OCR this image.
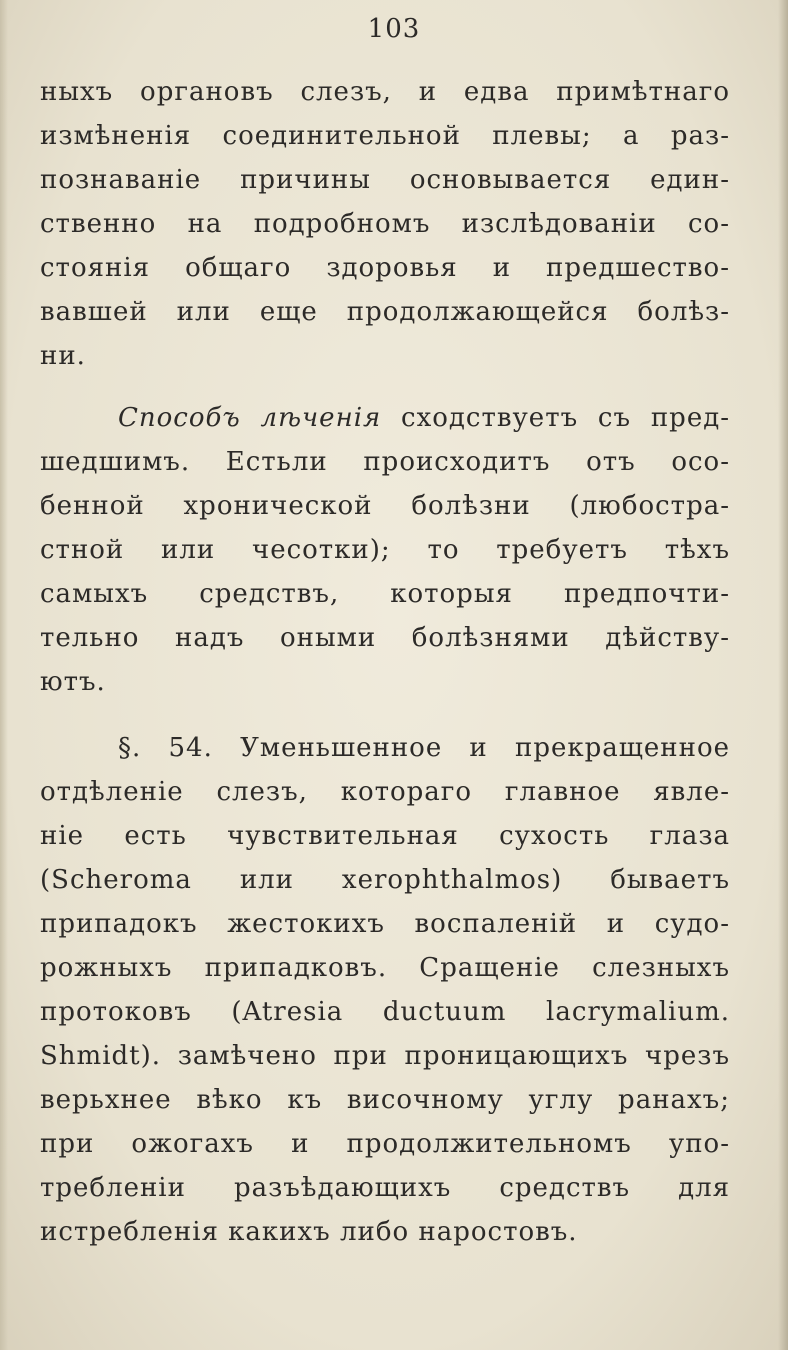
103
ныхъ органовъ слезъ, и едва примѣтнаго
измѣненія соединительной плевы; а раз-
познаваніе причины основывается един-
ственно на подробномъ изслѣдованіи со-
стоянія общаго здоровья и предшество-
вавшей или еще продолжающейся болѣз-
ни.
Способъ лѣченія сходствуетъ съ пред-
шедшимъ. Естьли происходитъ отъ осо-
бенной хронической болѣзни (любостра-
стной или чесотки); то требуетъ тѣхъ
самыхъ средствъ, которыя предпочти-
тельно надъ оными болѣзнями дѣйству-
ютъ.
§. 54. Уменьшенное и прекращенное
отдѣленіе слезъ, котораго главное явле-
ніе есть чувствительная сухость глаза
(Scheroma или xerophthalmos) бываетъ
припадокъ жестокихъ воспаленій и судо-
рожныхъ припадковъ. Сращеніе слезныхъ
протоковъ (Atresia ductuum lacrymalium.
Shmidt). замѣчено при проницающихъ чрезъ
верьхнее вѣко къ височному углу ранахъ;
при ожогахъ и продолжительномъ упо-
требленіи разъѣдающихъ средствъ для
истребленія какихъ либо наростовъ.
